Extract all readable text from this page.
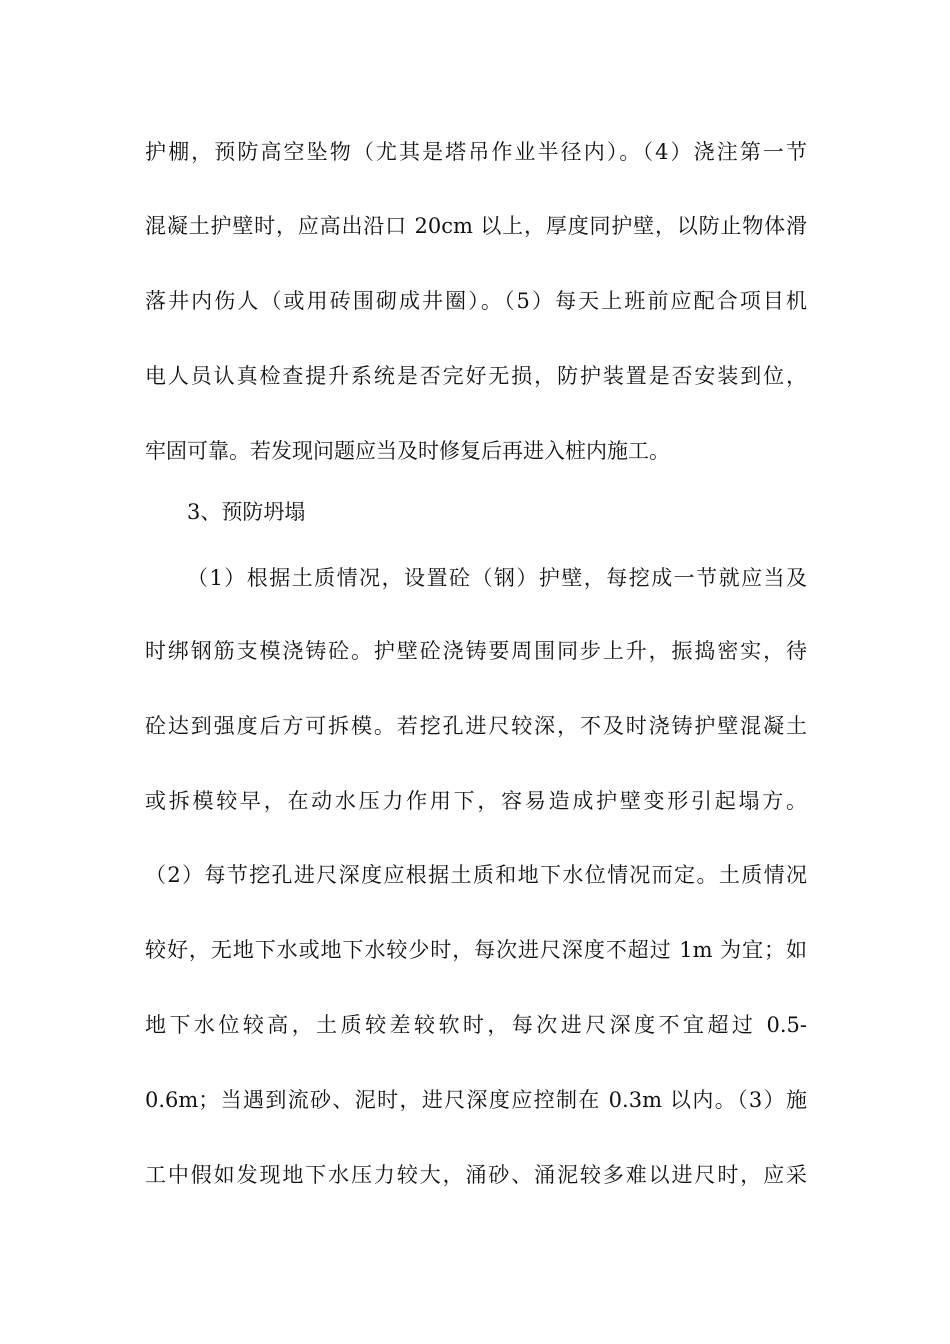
护棚，预防高空坠物（尤其是塔吊作业半径内）。（4）浇注第一节
混凝土护壁时，应高出沿口 20cm 以上，厚度同护壁，以防止物体滑
落井内伤人（或用砖围砌成井圈）。（5）每天上班前应配合项目机
电人员认真检查提升系统是否完好无损，防护装置是否安装到位，
牢固可靠。若发现问题应当及时修复后再进入桩内施工。
3、预防坍塌
（1）根据土质情况，设置砼（钢）护壁，每挖成一节就应当及
时绑钢筋支模浇铸砼。护壁砼浇铸要周围同步上升，振捣密实，待
砼达到强度后方可拆模。若挖孔进尺较深，不及时浇铸护壁混凝土
或拆模较早，在动水压力作用下，容易造成护壁变形引起塌方。
（2）每节挖孔进尺深度应根据土质和地下水位情况而定。土质情况
较好，无地下水或地下水较少时，每次进尺深度不超过 1m 为宜；如
地下水位较高，土质较差较软时，每次进尺深度不宜超过 0.5-
0.6m；当遇到流砂、泥时，进尺深度应控制在 0.3m 以内。（3）施
工中假如发现地下水压力较大，涌砂、涌泥较多难以进尺时，应采
